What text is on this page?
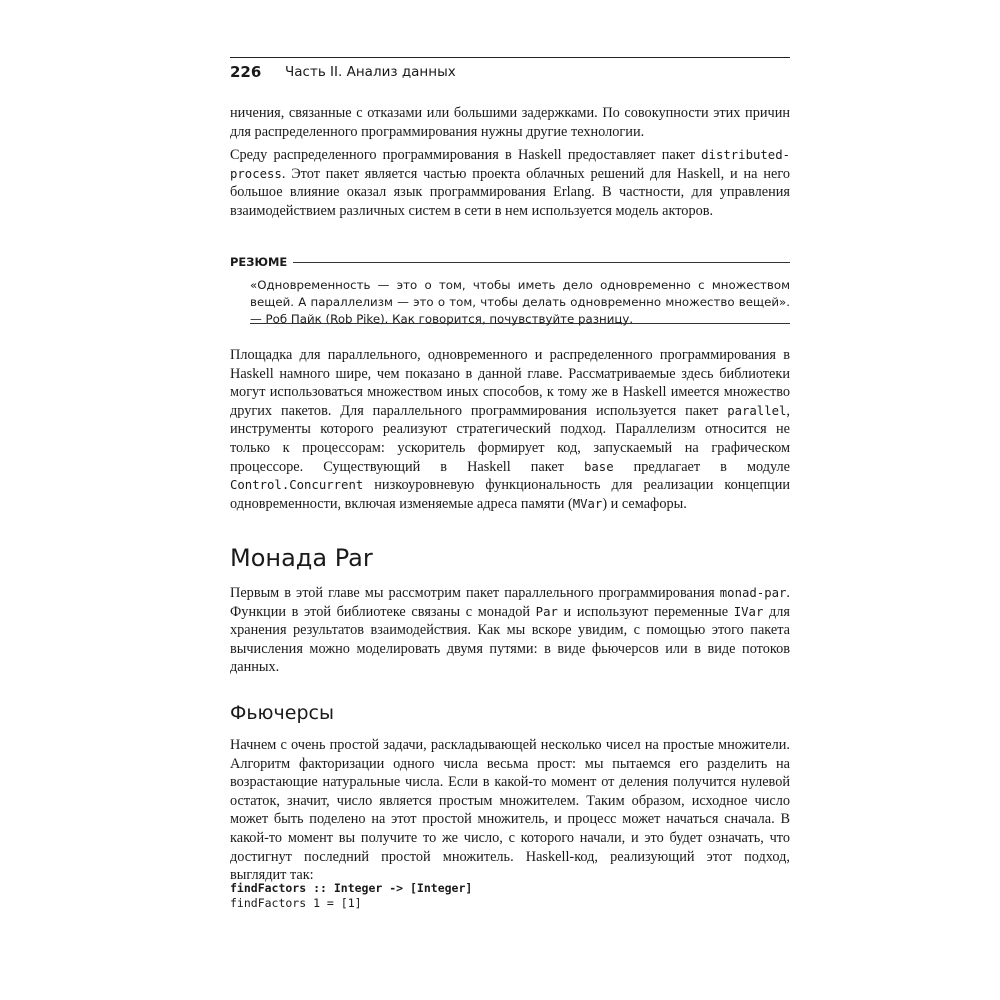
226 Часть II. Анализ данных

ничения, связанные с отказами или большими задержками. По совокупности этих причин для распределенного программирования нужны другие технологии.

Среду распределенного программирования в Haskell предоставляет пакет distributed-process. Этот пакет является частью проекта облачных решений для Haskell, и на него большое влияние оказал язык программирования Erlang. В частности, для управления взаимодействием различных систем в сети в нем используется модель акторов.

РЕЗЮМЕ
«Одновременность — это о том, чтобы иметь дело одновременно с множеством вещей. А параллелизм — это о том, чтобы делать одновременно множество вещей». — Роб Пайк (Rob Pike). Как говорится, почувствуйте разницу.

Площадка для параллельного, одновременного и распределенного программирования в Haskell намного шире, чем показано в данной главе. Рассматриваемые здесь библиотеки могут использоваться множеством иных способов, к тому же в Haskell имеется множество других пакетов. Для параллельного программирования используется пакет parallel, инструменты которого реализуют стратегический подход. Параллелизм относится не только к процессорам: ускоритель формирует код, запускаемый на графическом процессоре. Существующий в Haskell пакет base предлагает в модуле Control.Concurrent низкоуровневую функциональность для реализации концепции одновременности, включая изменяемые адреса памяти (MVar) и семафоры.

Монада Par

Первым в этой главе мы рассмотрим пакет параллельного программирования monad-par. Функции в этой библиотеке связаны с монадой Par и используют переменные IVar для хранения результатов взаимодействия. Как мы вскоре увидим, с помощью этого пакета вычисления можно моделировать двумя путями: в виде фьючерсов или в виде потоков данных.

Фьючерсы

Начнем с очень простой задачи, раскладывающей несколько чисел на простые множители. Алгоритм факторизации одного числа весьма прост: мы пытаемся его разделить на возрастающие натуральные числа. Если в какой-то момент от деления получится нулевой остаток, значит, число является простым множителем. Таким образом, исходное число может быть поделено на этот простой множитель, и процесс может начаться сначала. В какой-то момент вы получите то же число, с которого начали, и это будет означать, что достигнут последний простой множитель. Haskell-код, реализующий этот подход, выглядит так:

findFactors :: Integer -> [Integer]
findFactors 1 = [1]
